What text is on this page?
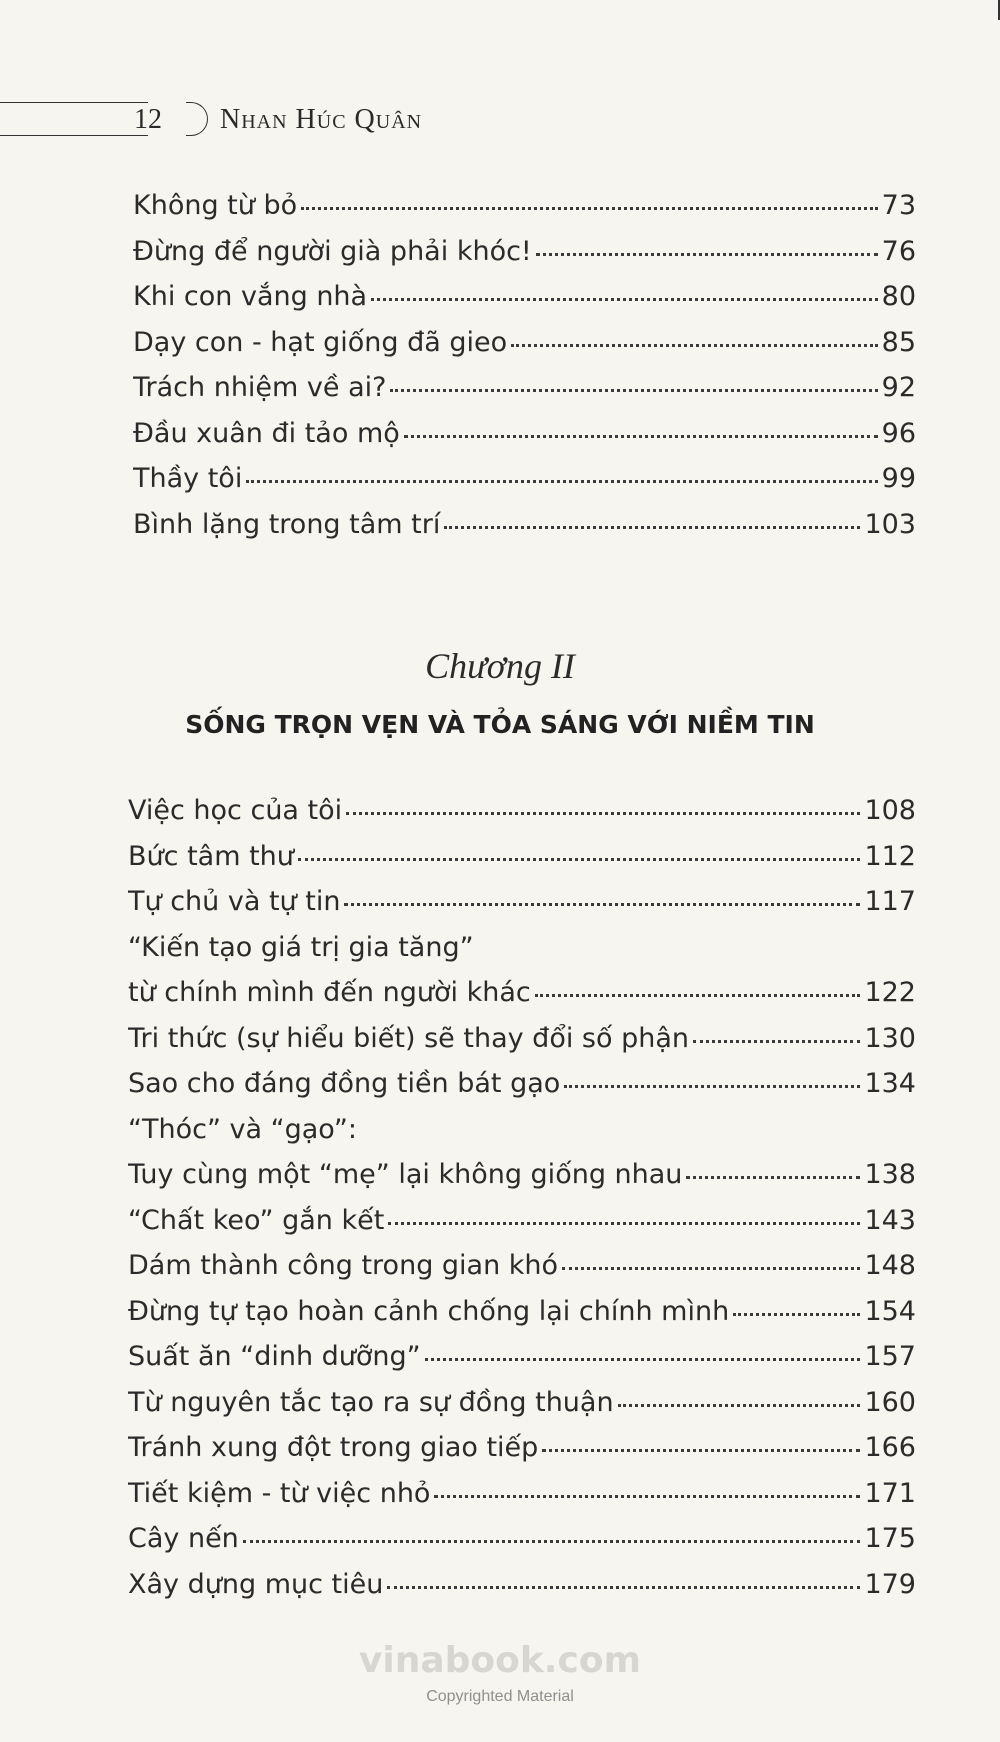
12 Nhan Húc Quân
Không từ bỏ	73
Đừng để người già phải khóc!	76
Khi con vắng nhà	80
Dạy con - hạt giống đã gieo	85
Trách nhiệm về ai?	92
Đầu xuân đi tảo mộ	96
Thầy tôi	99
Bình lặng trong tâm trí	103
Chương II
SỐNG TRỌN VẸN VÀ TỎA SÁNG VỚI NIỀM TIN
Việc học của tôi	108
Bức tâm thư	112
Tự chủ và tự tin	117
“Kiến tạo giá trị gia tăng”
từ chính mình đến người khác	122
Tri thức (sự hiểu biết) sẽ thay đổi số phận	130
Sao cho đáng đồng tiền bát gạo	134
“Thóc” và “gạo”:
Tuy cùng một “mẹ” lại không giống nhau	138
“Chất keo” gắn kết	143
Dám thành công trong gian khó	148
Đừng tự tạo hoàn cảnh chống lại chính mình	154
Suất ăn “dinh dưỡng”	157
Từ nguyên tắc tạo ra sự đồng thuận	160
Tránh xung đột trong giao tiếp	166
Tiết kiệm - từ việc nhỏ	171
Cây nến	175
Xây dựng mục tiêu	179
vinabook.com
Copyrighted Material
